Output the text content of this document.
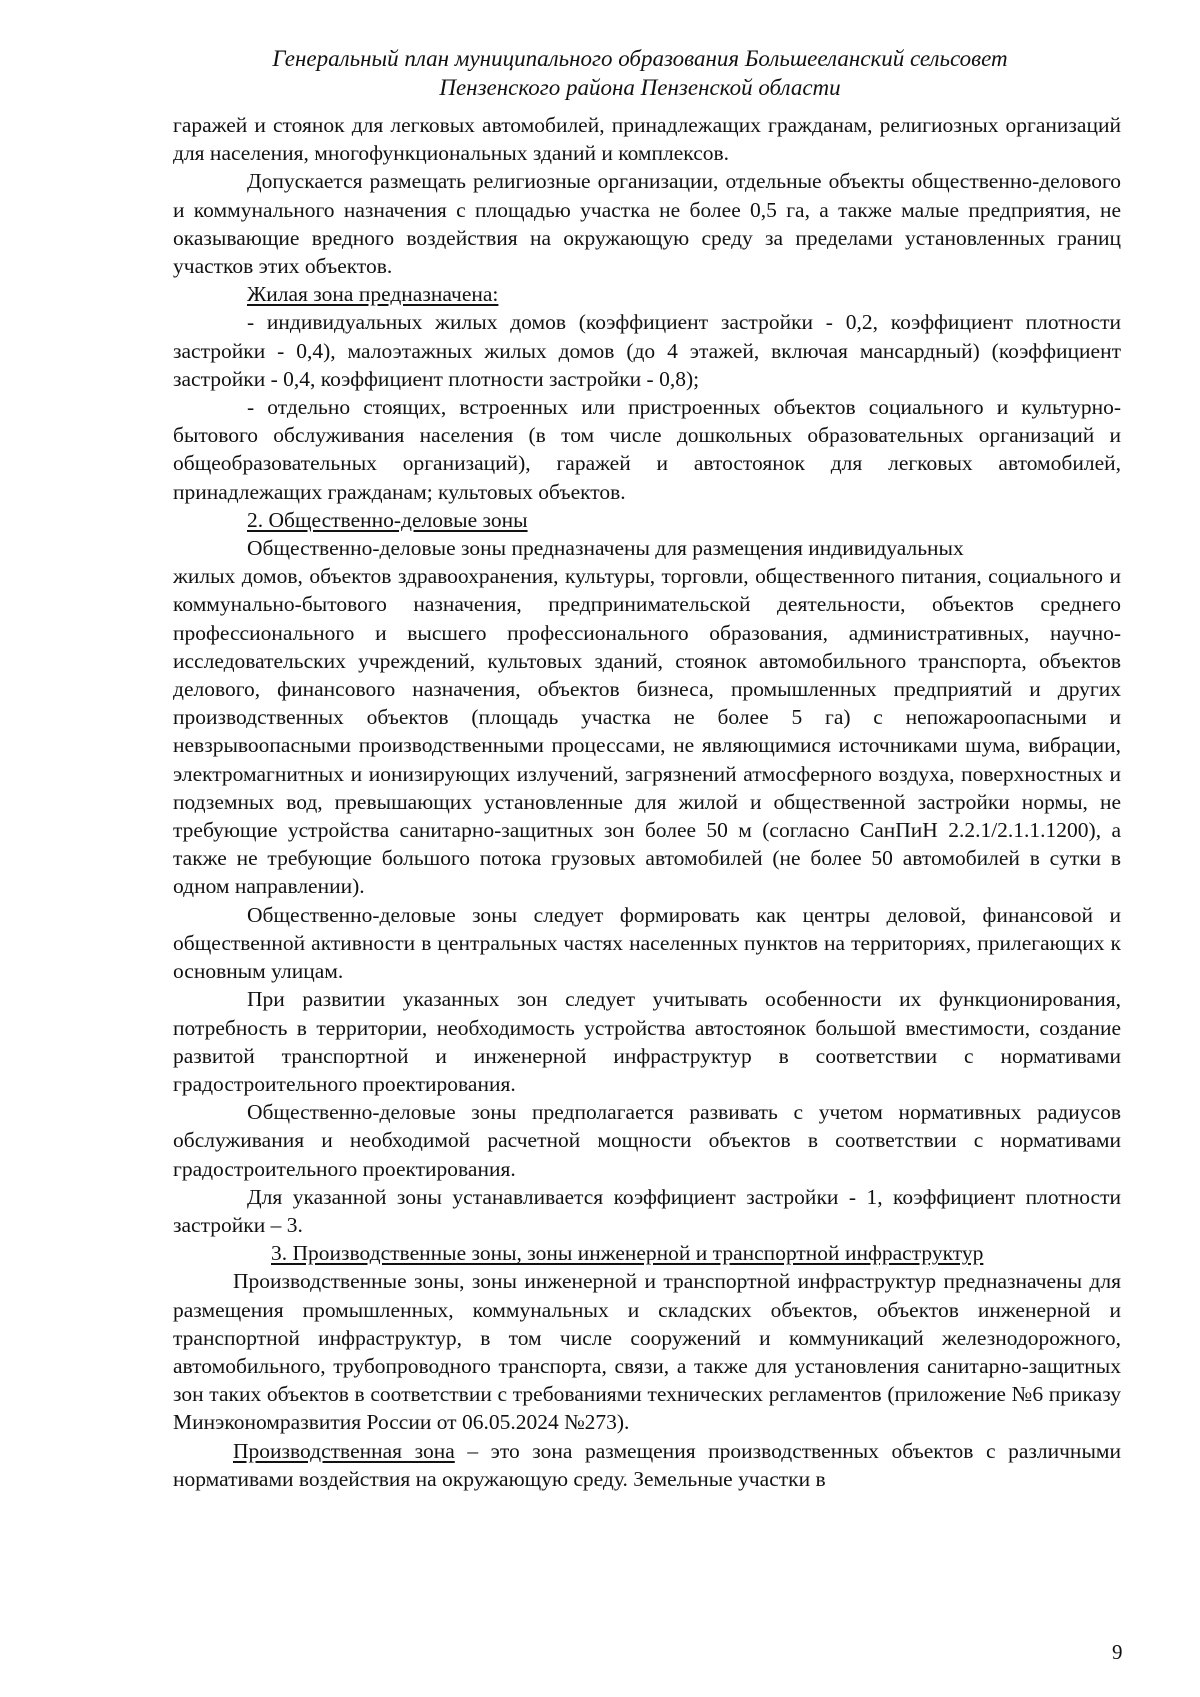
Генеральный план муниципального образования Большееланский сельсовет
Пензенского района Пензенской области

гаражей и стоянок для легковых автомобилей, принадлежащих гражданам, религиозных организаций для населения, многофункциональных зданий и комплексов.

Допускается размещать религиозные организации, отдельные объекты общественно-делового и коммунального назначения с площадью участка не более 0,5 га, а также малые предприятия, не оказывающие вредного воздействия на окружающую среду за пределами установленных границ участков этих объектов.

Жилая зона предназначена:

- индивидуальных жилых домов (коэффициент застройки - 0,2, коэффициент плотности застройки - 0,4), малоэтажных жилых домов (до 4 этажей, включая мансардный) (коэффициент застройки - 0,4, коэффициент плотности застройки - 0,8);

- отдельно стоящих, встроенных или пристроенных объектов социального и культурно-бытового обслуживания населения (в том числе дошкольных образовательных организаций и общеобразовательных организаций), гаражей и автостоянок для легковых автомобилей, принадлежащих гражданам; культовых объектов.

2. Общественно-деловые зоны

Общественно-деловые зоны предназначены для размещения индивидуальных

жилых домов, объектов здравоохранения, культуры, торговли, общественного питания, социального и коммунально-бытового назначения, предпринимательской деятельности, объектов среднего профессионального и высшего профессионального образования, административных, научно-исследовательских учреждений, культовых зданий, стоянок автомобильного транспорта, объектов делового, финансового назначения, объектов бизнеса, промышленных предприятий и других производственных объектов (площадь участка не более 5 га) с непожароопасными и невзрывоопасными производственными процессами, не являющимися источниками шума, вибрации, электромагнитных и ионизирующих излучений, загрязнений атмосферного воздуха, поверхностных и подземных вод, превышающих установленные для жилой и общественной застройки нормы, не требующие устройства санитарно-защитных зон более 50 м (согласно СанПиН 2.2.1/2.1.1.1200), а также не требующие большого потока грузовых автомобилей (не более 50 автомобилей в сутки в одном направлении).

Общественно-деловые зоны следует формировать как центры деловой, финансовой и общественной активности в центральных частях населенных пунктов на территориях, прилегающих к основным улицам.

При развитии указанных зон следует учитывать особенности их функционирования, потребность в территории, необходимость устройства автостоянок большой вместимости, создание развитой транспортной и инженерной инфраструктур в соответствии с нормативами градостроительного проектирования.

Общественно-деловые зоны предполагается развивать с учетом нормативных радиусов обслуживания и необходимой расчетной мощности объектов в соответствии с нормативами градостроительного проектирования.

Для указанной зоны устанавливается коэффициент застройки - 1, коэффициент плотности застройки – 3.

3. Производственные зоны, зоны инженерной и транспортной инфраструктур

Производственные зоны, зоны инженерной и транспортной инфраструктур предназначены для размещения промышленных, коммунальных и складских объектов, объектов инженерной и транспортной инфраструктур, в том числе сооружений и коммуникаций железнодорожного, автомобильного, трубопроводного транспорта, связи, а также для установления санитарно-защитных зон таких объектов в соответствии с требованиями технических регламентов (приложение №6 приказу Минэкономразвития России от 06.05.2024 №273).

Производственная зона – это зона размещения производственных объектов с различными нормативами воздействия на окружающую среду. Земельные участки в

9
